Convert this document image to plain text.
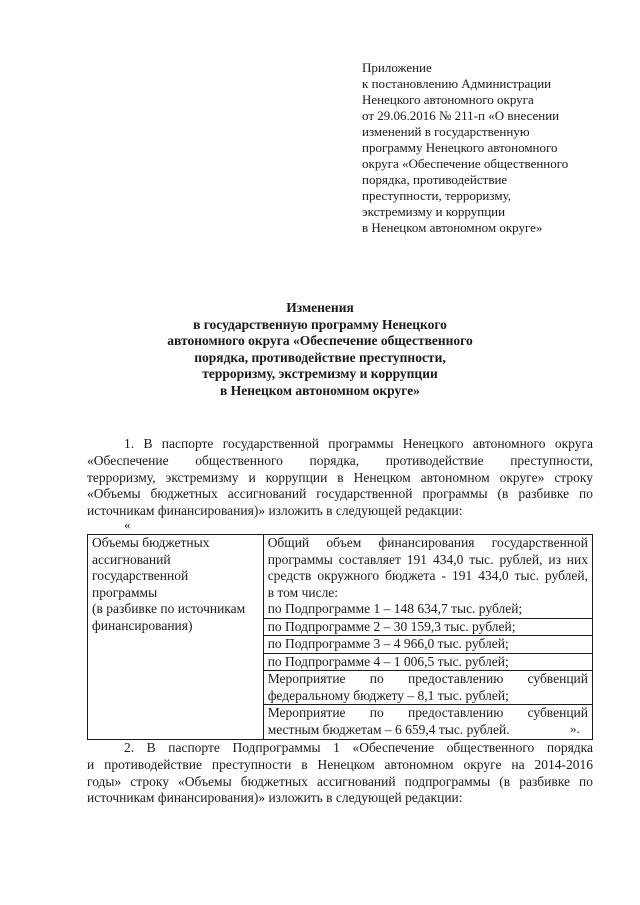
Приложение
к постановлению Администрации
Ненецкого автономного округа
от 29.06.2016 № 211-п «О внесении
изменений в государственную
программу Ненецкого автономного
округа «Обеспечение общественного
порядка, противодействие
преступности, терроризму,
экстремизму и коррупции
в Ненецком автономном округе»
Изменения
в государственную программу Ненецкого
автономного округа «Обеспечение общественного
порядка, противодействие преступности,
терроризму, экстремизму и коррупции
в Ненецком автономном округе»
1. В паспорте государственной программы Ненецкого автономного округа
«Обеспечение общественного порядка, противодействие преступности,
терроризму, экстремизму и коррупции в Ненецком автономном округе» строку
«Объемы бюджетных ассигнований государственной программы (в разбивке по
источникам финансирования)» изложить в следующей редакции:
«
Объемы бюджетных
ассигнований
государственной
программы
(в разбивке по источникам
финансирования)

Общий объем финансирования государственной
программы составляет 191 434,0 тыс. рублей, из них
средств окружного бюджета - 191 434,0 тыс. рублей,
в том числе:
по Подпрограмме 1 – 148 634,7 тыс. рублей;
по Подпрограмме 2 – 30 159,3 тыс. рублей;
по Подпрограмме 3 – 4 966,0 тыс. рублей;
по Подпрограмме 4 – 1 006,5 тыс. рублей;
Мероприятие по предоставлению субвенций
федеральному бюджету – 8,1 тыс. рублей;
Мероприятие по предоставлению субвенций
местным бюджетам – 6 659,4 тыс. рублей.	».
2. В паспорте Подпрограммы 1 «Обеспечение общественного порядка
и противодействие преступности в Ненецком автономном округе на 2014-2016
годы» строку «Объемы бюджетных ассигнований подпрограммы (в разбивке по
источникам финансирования)» изложить в следующей редакции:
